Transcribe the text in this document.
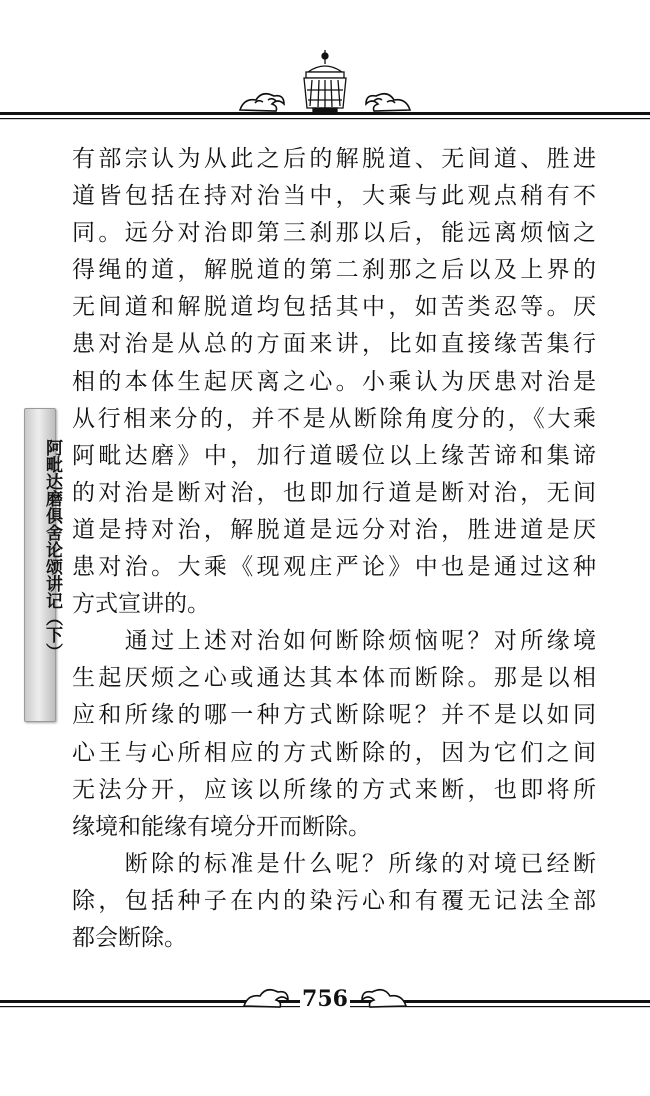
阿毗达磨俱舍论颂讲记（下）
有部宗认为从此之后的解脱道、无间道、胜进
道皆包括在持对治当中，大乘与此观点稍有不
同。远分对治即第三刹那以后，能远离烦恼之
得绳的道，解脱道的第二刹那之后以及上界的
无间道和解脱道均包括其中，如苦类忍等。厌
患对治是从总的方面来讲，比如直接缘苦集行
相的本体生起厌离之心。小乘认为厌患对治是
从行相来分的，并不是从断除角度分的，《大乘
阿毗达磨》中，加行道暖位以上缘苦谛和集谛
的对治是断对治，也即加行道是断对治，无间
道是持对治，解脱道是远分对治，胜进道是厌
患对治。大乘《现观庄严论》中也是通过这种
方式宣讲的。
　　通过上述对治如何断除烦恼呢？对所缘境
生起厌烦之心或通达其本体而断除。那是以相
应和所缘的哪一种方式断除呢？并不是以如同
心王与心所相应的方式断除的，因为它们之间
无法分开，应该以所缘的方式来断，也即将所
缘境和能缘有境分开而断除。
　　断除的标准是什么呢？所缘的对境已经断
除，包括种子在内的染污心和有覆无记法全部
都会断除。
756
